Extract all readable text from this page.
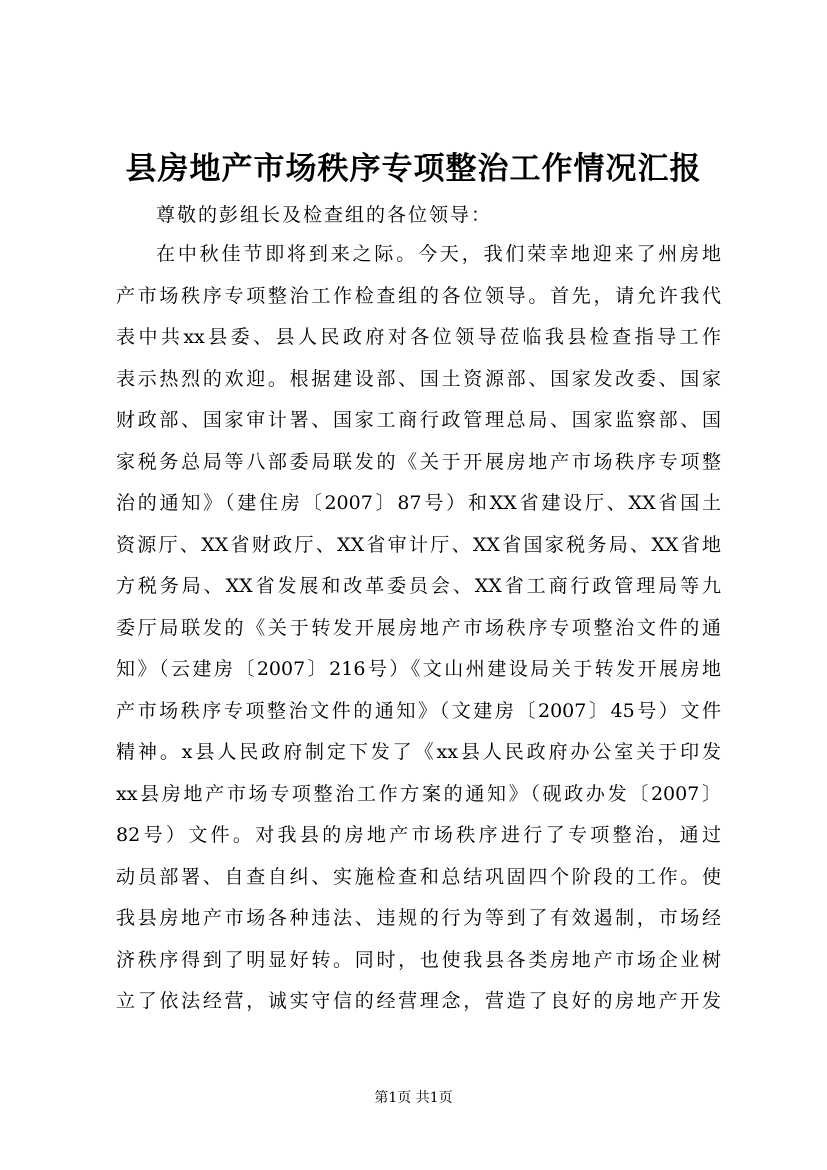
县房地产市场秩序专项整治工作情况汇报

尊敬的彭组长及检查组的各位领导：

在中秋佳节即将到来之际。今天，我们荣幸地迎来了州房地
产市场秩序专项整治工作检查组的各位领导。首先，请允许我代
表中共xx县委、县人民政府对各位领导莅临我县检查指导工作
表示热烈的欢迎。根据建设部、国土资源部、国家发改委、国家
财政部、国家审计署、国家工商行政管理总局、国家监察部、国
家税务总局等八部委局联发的《关于开展房地产市场秩序专项整
治的通知》（建住房〔2007〕87号）和XX省建设厅、XX省国土
资源厅、XX省财政厅、XX省审计厅、XX省国家税务局、XX省地
方税务局、XX省发展和改革委员会、XX省工商行政管理局等九
委厅局联发的《关于转发开展房地产市场秩序专项整治文件的通
知》（云建房〔2007〕216号）《文山州建设局关于转发开展房地
产市场秩序专项整治文件的通知》（文建房〔2007〕45号）文件
精神。x县人民政府制定下发了《xx县人民政府办公室关于印发
xx县房地产市场专项整治工作方案的通知》（砚政办发〔2007〕
82号）文件。对我县的房地产市场秩序进行了专项整治，通过
动员部署、自查自纠、实施检查和总结巩固四个阶段的工作。使
我县房地产市场各种违法、违规的行为等到了有效遏制，市场经
济秩序得到了明显好转。同时，也使我县各类房地产市场企业树
立了依法经营，诚实守信的经营理念，营造了良好的房地产开发
第1页 共1页
